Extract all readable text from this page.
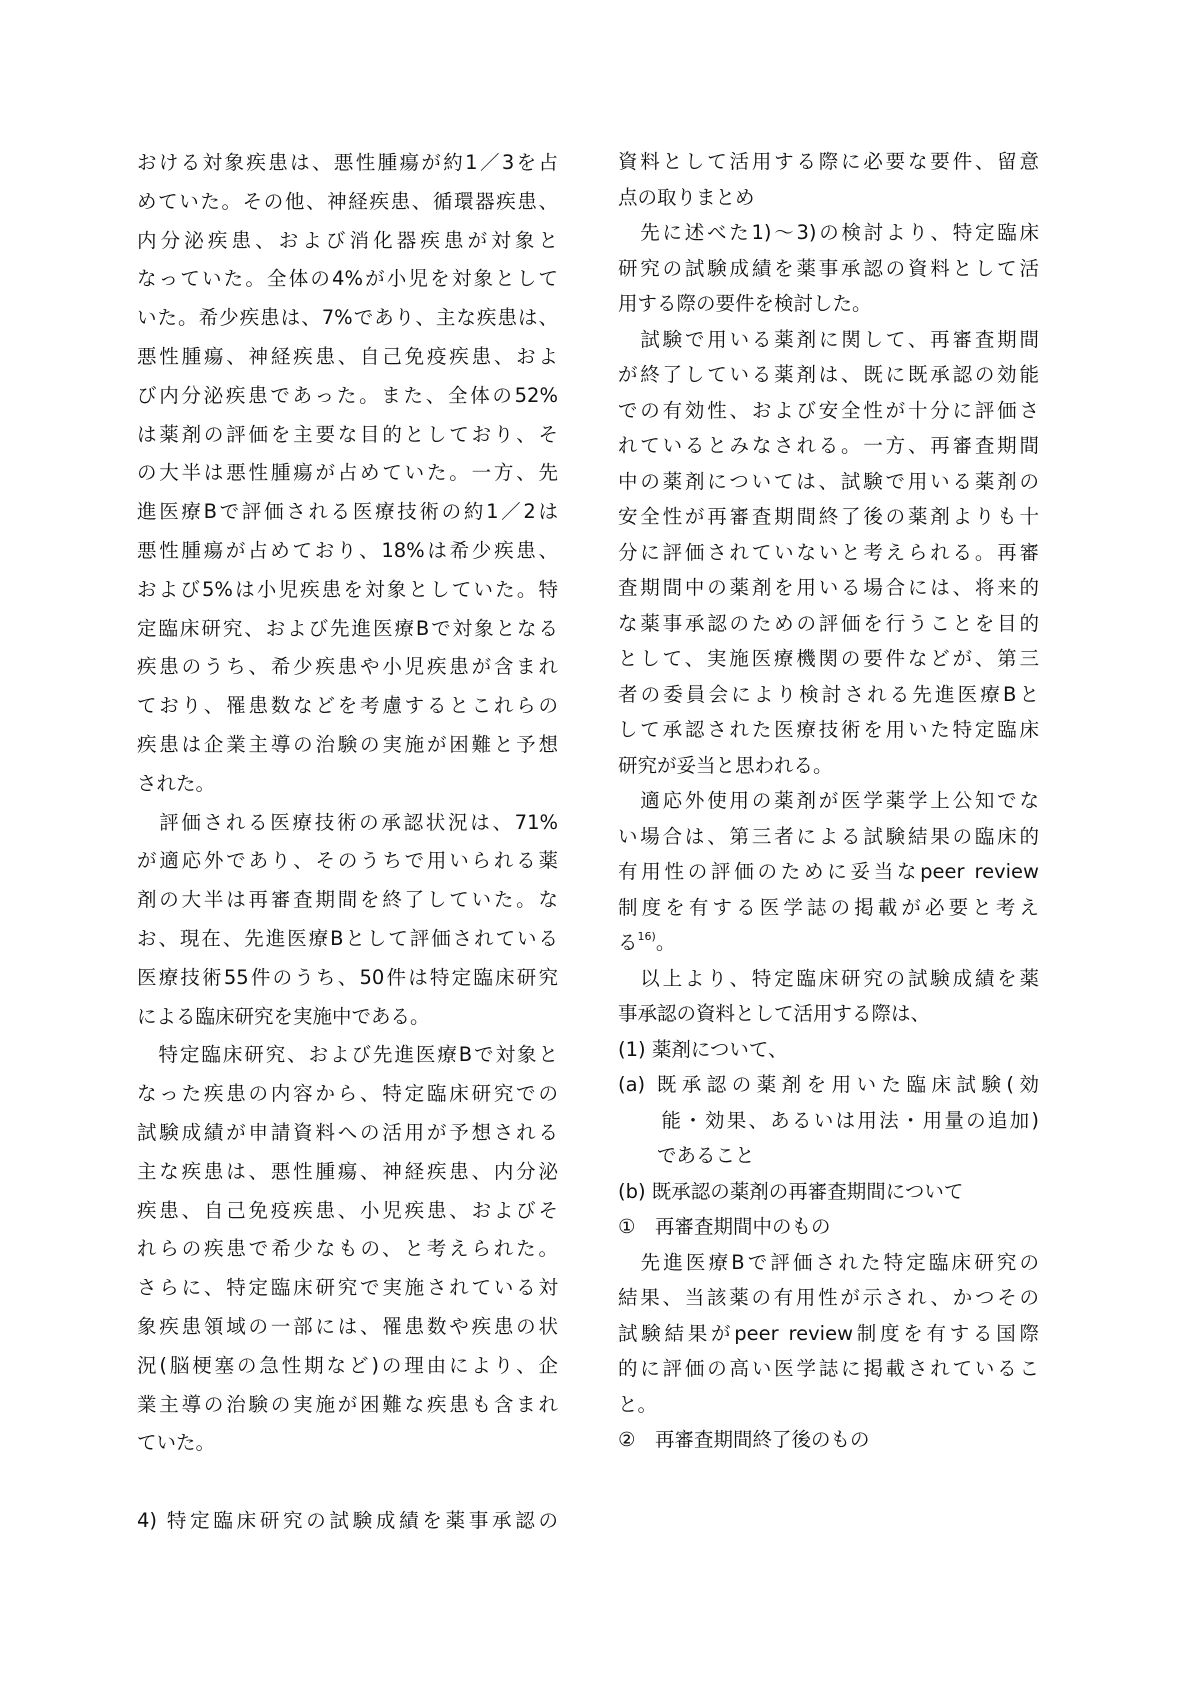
おける対象疾患は、悪性腫瘍が約1／3を占
めていた。その他、神経疾患、循環器疾患、
内分泌疾患、および消化器疾患が対象と
なっていた。全体の4%が小児を対象として
いた。希少疾患は、7%であり、主な疾患は、
悪性腫瘍、神経疾患、自己免疫疾患、およ
び内分泌疾患であった。また、全体の52%
は薬剤の評価を主要な目的としており、そ
の大半は悪性腫瘍が占めていた。一方、先
進医療Bで評価される医療技術の約1／2は
悪性腫瘍が占めており、18%は希少疾患、
および5%は小児疾患を対象としていた。特
定臨床研究、および先進医療Bで対象となる
疾患のうち、希少疾患や小児疾患が含まれ
ており、罹患数などを考慮するとこれらの
疾患は企業主導の治験の実施が困難と予想
された。
　評価される医療技術の承認状況は、71%
が適応外であり、そのうちで用いられる薬
剤の大半は再審査期間を終了していた。な
お、現在、先進医療Bとして評価されている
医療技術55件のうち、50件は特定臨床研究
による臨床研究を実施中である。
　特定臨床研究、および先進医療Bで対象と
なった疾患の内容から、特定臨床研究での
試験成績が申請資料への活用が予想される
主な疾患は、悪性腫瘍、神経疾患、内分泌
疾患、自己免疫疾患、小児疾患、およびそ
れらの疾患で希少なもの、と考えられた。
さらに、特定臨床研究で実施されている対
象疾患領域の一部には、罹患数や疾患の状
況(脳梗塞の急性期など)の理由により、企
業主導の治験の実施が困難な疾患も含まれ
ていた。
4) 特定臨床研究の試験成績を薬事承認の
資料として活用する際に必要な要件、留意
点の取りまとめ
　先に述べた1)～3)の検討より、特定臨床
研究の試験成績を薬事承認の資料として活
用する際の要件を検討した。
　試験で用いる薬剤に関して、再審査期間
が終了している薬剤は、既に既承認の効能
での有効性、および安全性が十分に評価さ
れているとみなされる。一方、再審査期間
中の薬剤については、試験で用いる薬剤の
安全性が再審査期間終了後の薬剤よりも十
分に評価されていないと考えられる。再審
査期間中の薬剤を用いる場合には、将来的
な薬事承認のための評価を行うことを目的
として、実施医療機関の要件などが、第三
者の委員会により検討される先進医療Bと
して承認された医療技術を用いた特定臨床
研究が妥当と思われる。
　適応外使用の薬剤が医学薬学上公知でな
い場合は、第三者による試験結果の臨床的
有用性の評価のために妥当なpeer review
制度を有する医学誌の掲載が必要と考え
る$^{16)}$。
　以上より、特定臨床研究の試験成績を薬
事承認の資料として活用する際は、
(1) 薬剤について、
(a) 既承認の薬剤を用いた臨床試験(効
　　能・効果、あるいは用法・用量の追加)
　　であること
(b) 既承認の薬剤の再審査期間について
①　再審査期間中のもの
　先進医療Bで評価された特定臨床研究の
結果、当該薬の有用性が示され、かつその
試験結果がpeer review制度を有する国際
的に評価の高い医学誌に掲載されているこ
と。
②　再審査期間終了後のもの
